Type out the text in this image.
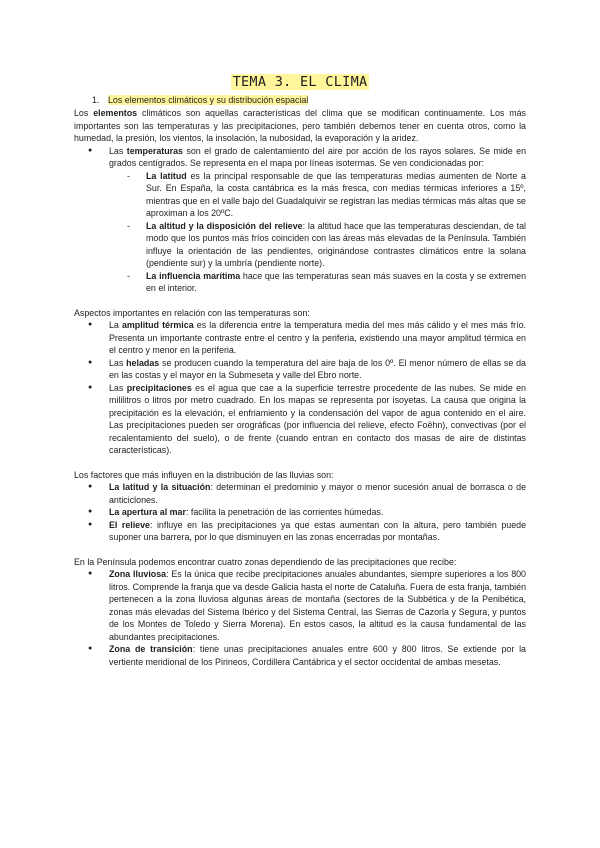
TEMA 3. EL CLIMA
1. Los elementos climáticos y su distribución espacial

Los elementos climáticos son aquellas características del clima que se modifican continuamente. Los más importantes son las temperaturas y las precipitaciones, pero también debemos tener en cuenta otros, como la humedad, la presión, los vientos, la insolación, la nubosidad, la evaporación y la aridez.

● Las temperaturas son el grado de calentamiento del aire por acción de los rayos solares. Se mide en grados centígrados. Se representa en el mapa por líneas isotermas. Se ven condicionadas por:
- La latitud es la principal responsable de que las temperaturas medias aumenten de Norte a Sur. En España, la costa cantábrica es la más fresca, con medias térmicas inferiores a 15º, mientras que en el valle bajo del Guadalquivir se registran las medias térmicas más altas que se aproximan a los 20ºC.
- La altitud y la disposición del relieve: la altitud hace que las temperaturas desciendan, de tal modo que los puntos más fríos coinciden con las áreas más elevadas de la Península. También influye la orientación de las pendientes, originándose contrastes climáticos entre la solana (pendiente sur) y la umbría (pendiente norte).
- La influencia marítima hace que las temperaturas sean más suaves en la costa y se extremen en el interior.

Aspectos importantes en relación con las temperaturas son:

● La amplitud térmica es la diferencia entre la temperatura media del mes más cálido y el mes más frío. Presenta un importante contraste entre el centro y la periferia, existiendo una mayor amplitud térmica en el centro y menor en la periferia.
● Las heladas se producen cuando la temperatura del aire baja de los 0º. El menor número de ellas se da en las costas y el mayor en la Submeseta y valle del Ebro norte.
● Las precipitaciones es el agua que cae a la superficie terrestre procedente de las nubes. Se mide en mililitros o litros por metro cuadrado. En los mapas se representa por isoyetas. La causa que origina la precipitación es la elevación, el enfriamiento y la condensación del vapor de agua contenido en el aire. Las precipitaciones pueden ser orográficas (por influencia del relieve, efecto Foëhn), convectivas (por el recalentamiento del suelo), o de frente (cuando entran en contacto dos masas de aire de distintas características).

Los factores que más influyen en la distribución de las lluvias son:

● La latitud y la situación: determinan el predominio y mayor o menor sucesión anual de borrasca o de anticiclones.
● La apertura al mar: facilita la penetración de las corrientes húmedas.
● El relieve: influye en las precipitaciones ya que estas aumentan con la altura, pero también puede suponer una barrera, por lo que disminuyen en las zonas encerradas por montañas.

En la Península podemos encontrar cuatro zonas dependiendo de las precipitaciones que recibe:

● Zona lluviosa: Es la única que recibe precipitaciones anuales abundantes, siempre superiores a los 800 litros. Comprende la franja que va desde Galicia hasta el norte de Cataluña. Fuera de esta franja, también pertenecen a la zona lluviosa algunas áreas de montaña (sectores de la Subbética y de la Penibética, zonas más elevadas del Sistema Ibérico y del Sistema Central, las Sierras de Cazorla y Segura, y puntos de los Montes de Toledo y Sierra Morena). En estos casos, la altitud es la causa fundamental de las abundantes precipitaciones.
● Zona de transición: tiene unas precipitaciones anuales entre 600 y 800 litros. Se extiende por la vertiente meridional de los Pirineos, Cordillera Cantábrica y el sector occidental de ambas mesetas.
